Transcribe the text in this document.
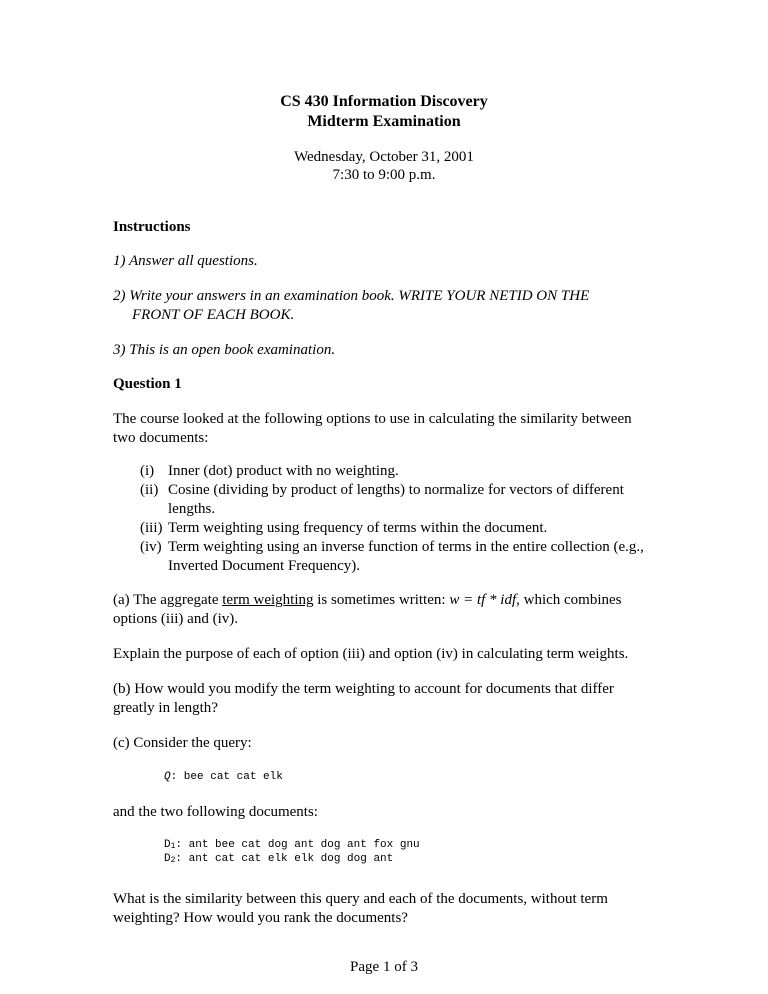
CS 430 Information Discovery
Midterm Examination
Wednesday, October 31, 2001
7:30 to 9:00 p.m.
Instructions
1) Answer all questions.
2) Write your answers in an examination book. WRITE YOUR NETID ON THE
FRONT OF EACH BOOK.
3) This is an open book examination.
Question 1
The course looked at the following options to use in calculating the similarity between
two documents:
(i) Inner (dot) product with no weighting.
(ii) Cosine (dividing by product of lengths) to normalize for vectors of different lengths.
(iii) Term weighting using frequency of terms within the document.
(iv) Term weighting using an inverse function of terms in the entire collection (e.g., Inverted Document Frequency).
(a) The aggregate term weighting is sometimes written: w = tf * idf, which combines
options (iii) and (iv).
Explain the purpose of each of option (iii) and option (iv) in calculating term weights.
(b) How would you modify the term weighting to account for documents that differ
greatly in length?
(c) Consider the query:
Q: bee cat cat elk
and the two following documents:
$D_1$: ant bee cat dog ant dog ant fox gnu
$D_2$: ant cat cat elk elk dog dog ant
What is the similarity between this query and each of the documents, without term
weighting? How would you rank the documents?
Page 1 of 3
